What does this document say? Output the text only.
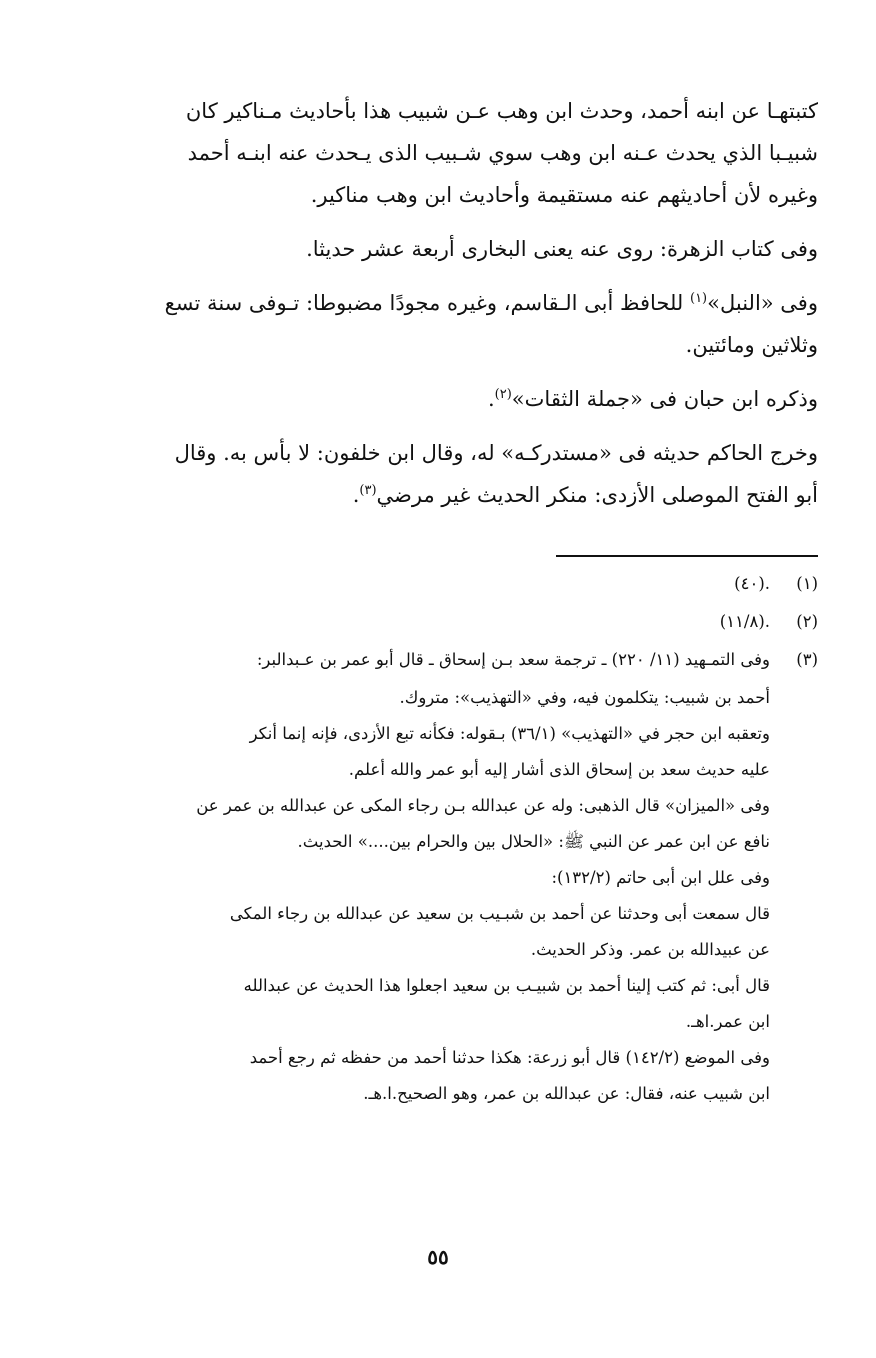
كتبتهـا عن ابنه أحمد، وحدث ابن وهب عـن شبيب هذا بأحاديث مـناكير كان
شبيـبا الذي يحدث عـنه ابن وهب سوي شـبيب الذى يـحدث عنه ابنـه أحمد
وغيره لأن أحاديثهم عنه مستقيمة وأحاديث ابن وهب مناكير.
وفى كتاب الزهرة: روى عنه يعنى البخارى أربعة عشر حديثا.
وفى «النبل»$^{(١)}$ للحافظ أبى الـقاسم، وغيره مجودًا مضبوطا: تـوفى سنة تسع
وثلاثين ومائتين.
وذكره ابن حبان فى «جملة الثقات»$^{(٢)}$.
وخرج الحاكم حديثه فى «مستدركـه» له، وقال ابن خلفون: لا بأس به. وقال
أبو الفتح الموصلى الأزدى: منكر الحديث غير مرضي$^{(٣)}$.
(١)
.(٤٠)
(٢)
.(١١/٨)
(٣)
وفى التمـهيد (١١/ ٢٢٠) ـ ترجمة سعد بـن إسحاق ـ قال أبو عمر بن عـبدالبر:
أحمد بن شبيب: يتكلمون فيه، وفي «التهذيب»: متروك.
وتعقبه ابن حجر في «التهذيب» (٣٦/١) بـقوله: فكأنه تبع الأزدى، فإنه إنما أنكر
عليه حديث سعد بن إسحاق الذى أشار إليه أبو عمر والله أعلم.
وفى «الميزان» قال الذهبى: وله عن عبدالله بـن رجاء المكى عن عبدالله بن عمر عن
نافع عن ابن عمر عن النبي ﷺ: «الحلال بين والحرام بين....» الحديث.
وفى علل ابن أبى حاتم (١٣٢/٢):
قال سمعت أبى وحدثنا عن أحمد بن شبـيب بن سعيد عن عبدالله بن رجاء المكى
عن عبيدالله بن عمر. وذكر الحديث.
قال أبى: ثم كتب إلينا أحمد بن شبيـب بن سعيد اجعلوا هذا الحديث عن عبدالله
ابن عمر.اهـ.
وفى الموضع (١٤٢/٢) قال أبو زرعة: هكذا حدثنا أحمد من حفظه ثم رجع أحمد
ابن شبيب عنه، فقال: عن عبدالله بن عمر، وهو الصحيح.ا.هـ.
٥٥
